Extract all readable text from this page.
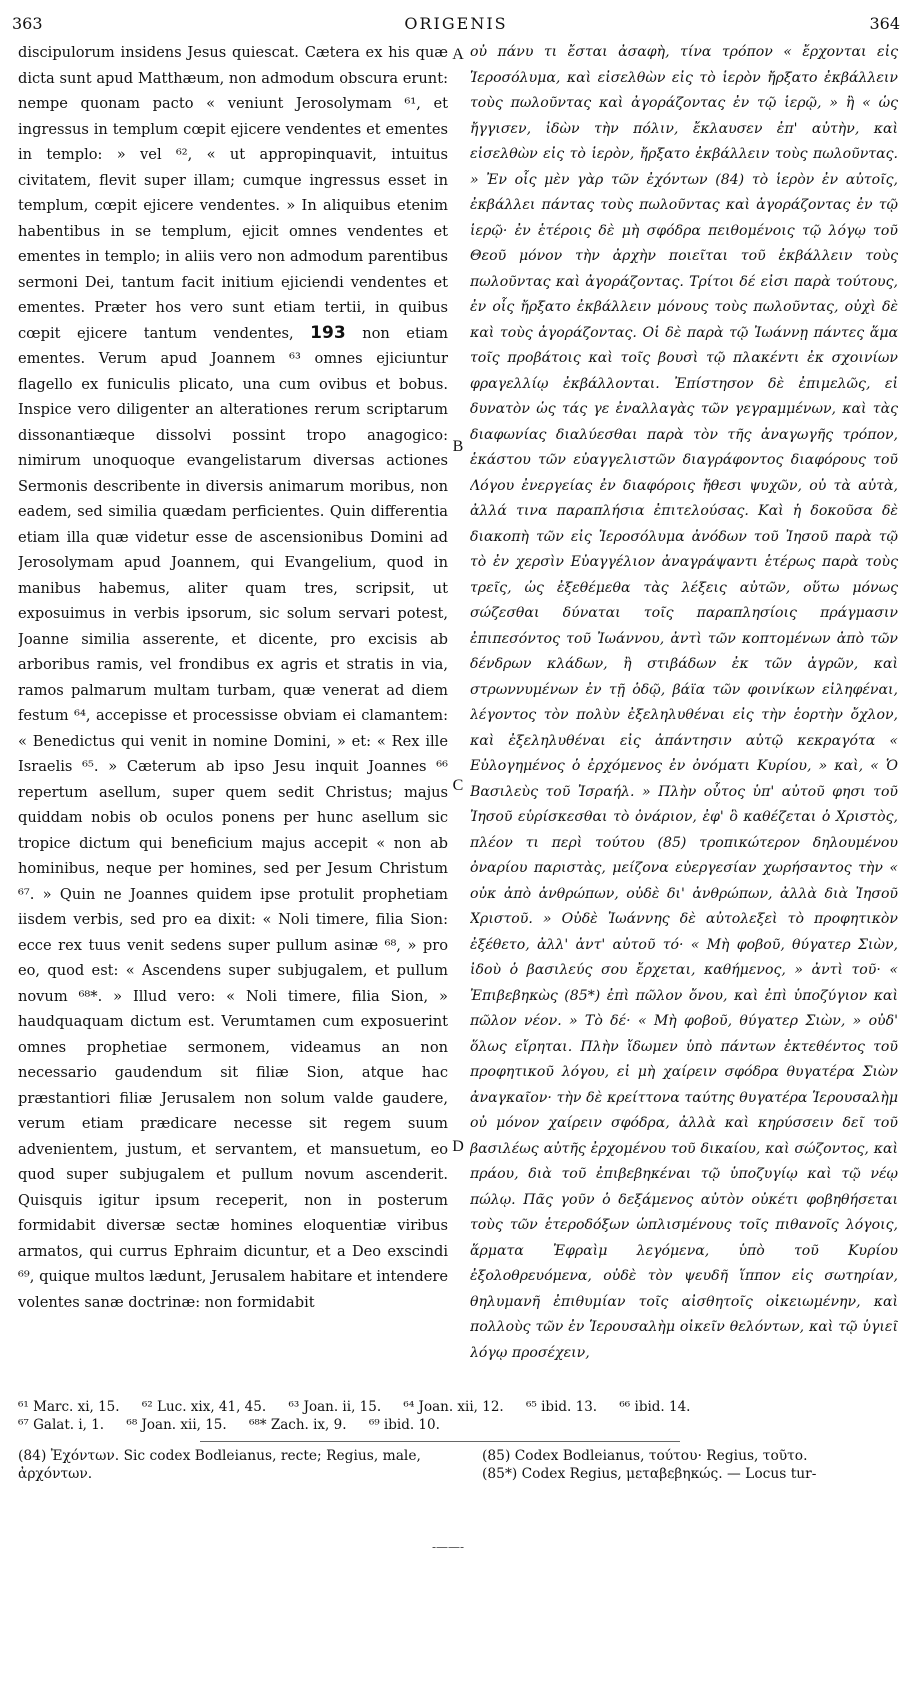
363	ORIGENIS	364

discipulorum insidens Jesus quiescat. Cætera ex his quæ dicta sunt apud Matthæum, non admodum obscura erunt: nempe quonam pacto « veniunt Jerosolymam ⁶¹, et ingressus in templum cœpit ejicere vendentes et ementes in templo: » vel ⁶², « ut appropinquavit, intuitus civitatem, flevit super illam; cumque ingressus esset in templum, cœpit ejicere vendentes. » In aliquibus etenim habentibus in se templum, ejicit omnes vendentes et ementes in templo; in aliis vero non admodum parentibus sermoni Dei, tantum facit initium ejiciendi vendentes et ementes. Præter hos vero sunt etiam tertii, in quibus cœpit ejicere tantum vendentes, 193 non etiam ementes. Verum apud Joannem ⁶³ omnes ejiciuntur flagello ex funiculis plicato, una cum ovibus et bobus. Inspice vero diligenter an alterationes rerum scriptarum dissonantiæque dissolvi possint tropo anagogico: nimirum unoquoque evangelistarum diversas actiones Sermonis describente in diversis animarum moribus, non eadem, sed similia quædam perficientes. Quin differentia etiam illa quæ videtur esse de ascensionibus Domini ad Jerosolymam apud Joannem, qui Evangelium, quod in manibus habemus, aliter quam tres, scripsit, ut exposuimus in verbis ipsorum, sic solum servari potest, Joanne similia asserente, et dicente, pro excisis ab arboribus ramis, vel frondibus ex agris et stratis in via, ramos palmarum multam turbam, quæ venerat ad diem festum ⁶⁴, accepisse et processisse obviam ei clamantem: « Benedictus qui venit in nomine Domini, » et: « Rex ille Israelis ⁶⁵. » Cæterum ab ipso Jesu inquit Joannes ⁶⁶ repertum asellum, super quem sedit Christus; majus quiddam nobis ob oculos ponens per hunc asellum sic tropice dictum qui beneficium majus accepit « non ab hominibus, neque per homines, sed per Jesum Christum ⁶⁷. » Quin ne Joannes quidem ipse protulit prophetiam iisdem verbis, sed pro ea dixit: « Noli timere, filia Sion: ecce rex tuus venit sedens super pullum asinæ ⁶⁸, » pro eo, quod est: « Ascendens super subjugalem, et pullum novum ⁶⁸*. » Illud vero: « Noli timere, filia Sion, » haudquaquam dictum est. Verumtamen cum exposuerint omnes prophetiae sermonem, videamus an non necessario gaudendum sit filiæ Sion, atque hac præstantiori filiæ Jerusalem non solum valde gaudere, verum etiam prædicare necesse sit regem suum advenientem, justum, et servantem, et mansuetum, eo quod super subjugalem et pullum novum ascenderit. Quisquis igitur ipsum receperit, non in posterum formidabit diversæ sectæ homines eloquentiæ viribus armatos, qui currus Ephraim dicuntur, et a Deo exscindi ⁶⁹, quique multos lædunt, Jerusalem habitare et intendere volentes sanæ doctrinæ: non formidabit

A
B
C
D

οὐ πάνυ τι ἔσται ἀσαφὴ, τίνα τρόπον « ἔρχονται εἰς Ἱεροσόλυμα, καὶ εἰσελθὼν εἰς τὸ ἱερὸν ἤρξατο ἐκβάλλειν τοὺς πωλοῦντας καὶ ἀγοράζοντας ἐν τῷ ἱερῷ, » ἢ « ὡς ἤγγισεν, ἰδὼν τὴν πόλιν, ἔκλαυσεν ἐπ' αὐτὴν, καὶ εἰσελθὼν εἰς τὸ ἱερὸν, ἤρξατο ἐκβάλλειν τοὺς πωλοῦντας. » Ἐν οἷς μὲν γὰρ τῶν ἐχόντων (84) τὸ ἱερὸν ἐν αὐτοῖς, ἐκβάλλει πάντας τοὺς πωλοῦντας καὶ ἀγοράζοντας ἐν τῷ ἱερῷ· ἐν ἑτέροις δὲ μὴ σφόδρα πειθομένοις τῷ λόγῳ τοῦ Θεοῦ μόνον τὴν ἀρχὴν ποιεῖται τοῦ ἐκβάλλειν τοὺς πωλοῦντας καὶ ἀγοράζοντας. Τρίτοι δέ εἰσι παρὰ τούτους, ἐν οἷς ἤρξατο ἐκβάλλειν μόνους τοὺς πωλοῦντας, οὐχὶ δὲ καὶ τοὺς ἀγοράζοντας. Οἱ δὲ παρὰ τῷ Ἰωάννῃ πάντες ἅμα τοῖς προβάτοις καὶ τοῖς βουσὶ τῷ πλακέντι ἐκ σχοινίων φραγελλίῳ ἐκβάλλονται. Ἐπίστησον δὲ ἐπιμελῶς, εἰ δυνατὸν ὡς τάς γε ἐναλλαγὰς τῶν γεγραμμένων, καὶ τὰς διαφωνίας διαλύεσθαι παρὰ τὸν τῆς ἀναγωγῆς τρόπον, ἑκάστου τῶν εὐαγγελιστῶν διαγράφοντος διαφόρους τοῦ Λόγου ἐνεργείας ἐν διαφόροις ἤθεσι ψυχῶν, οὐ τὰ αὐτὰ, ἀλλά τινα παραπλήσια ἐπιτελούσας. Καὶ ἡ δοκοῦσα δὲ διακοπὴ τῶν εἰς Ἱεροσόλυμα ἀνόδων τοῦ Ἰησοῦ παρὰ τῷ τὸ ἐν χερσὶν Εὐαγγέλιον ἀναγράψαντι ἑτέρως παρὰ τοὺς τρεῖς, ὡς ἐξεθέμεθα τὰς λέξεις αὐτῶν, οὕτω μόνως σώζεσθαι δύναται τοῖς παραπλησίοις πράγμασιν ἐπιπεσόντος τοῦ Ἰωάννου, ἀντὶ τῶν κοπτομένων ἀπὸ τῶν δένδρων κλάδων, ἢ στιβάδων ἐκ τῶν ἀγρῶν, καὶ στρωννυμένων ἐν τῇ ὁδῷ, βάϊα τῶν φοινίκων εἰληφέναι, λέγοντος τὸν πολὺν ἐξεληλυθέναι εἰς τὴν ἑορτὴν ὄχλον, καὶ ἐξεληλυθέναι εἰς ἀπάντησιν αὐτῷ κεκραγότα « Εὐλογημένος ὁ ἐρχόμενος ἐν ὀνόματι Κυρίου, » καὶ, « Ὁ Βασιλεὺς τοῦ Ἰσραήλ. » Πλὴν οὗτος ὑπ' αὐτοῦ φησι τοῦ Ἰησοῦ εὑρίσκεσθαι τὸ ὀνάριον, ἐφ' ὃ καθέζεται ὁ Χριστὸς, πλέον τι περὶ τούτου (85) τροπικώτερον δηλουμένου ὀναρίου παριστὰς, μείζονα εὐεργεσίαν χωρήσαντος τὴν « οὐκ ἀπὸ ἀνθρώπων, οὐδὲ δι' ἀνθρώπων, ἀλλὰ διὰ Ἰησοῦ Χριστοῦ. » Οὐδὲ Ἰωάννης δὲ αὐτολεξεὶ τὸ προφητικὸν ἐξέθετο, ἀλλ' ἀντ' αὐτοῦ τό· « Μὴ φοβοῦ, θύγατερ Σιὼν, ἰδοὺ ὁ βασιλεύς σου ἔρχεται, καθήμενος, » ἀντὶ τοῦ· « Ἐπιβεβηκὼς (85*) ἐπὶ πῶλον ὄνου, καὶ ἐπὶ ὑποζύγιον καὶ πῶλον νέον. » Τὸ δέ· « Μὴ φοβοῦ, θύγατερ Σιὼν, » οὐδ' ὅλως εἴρηται. Πλὴν ἴδωμεν ὑπὸ πάντων ἐκτεθέντος τοῦ προφητικοῦ λόγου, εἰ μὴ χαίρειν σφόδρα θυγατέρα Σιὼν ἀναγκαῖον· τὴν δὲ κρείττονα ταύτης θυγατέρα Ἱερουσαλὴμ οὐ μόνον χαίρειν σφόδρα, ἀλλὰ καὶ κηρύσσειν δεῖ τοῦ βασιλέως αὐτῆς ἐρχομένου τοῦ δικαίου, καὶ σώζοντος, καὶ πράου, διὰ τοῦ ἐπιβεβηκέναι τῷ ὑποζυγίῳ καὶ τῷ νέῳ πώλῳ. Πᾶς γοῦν ὁ δεξάμενος αὐτὸν οὐκέτι φοβηθήσεται τοὺς τῶν ἑτεροδόξων ὡπλισμένους τοῖς πιθανοῖς λόγοις, ἅρματα Ἐφραὶμ λεγόμενα, ὑπὸ τοῦ Κυρίου ἐξολοθρευόμενα, οὐδὲ τὸν ψευδῆ ἵππον εἰς σωτηρίαν, θηλυμανῆ ἐπιθυμίαν τοῖς αἰσθητοῖς οἰκειωμένην, καὶ πολλοὺς τῶν ἐν Ἱερουσαλὴμ οἰκεῖν θελόντων, καὶ τῷ ὑγιεῖ λόγῳ προσέχειν,

⁶¹ Marc. xi, 15. ⁶² Luc. xix, 41, 45. ⁶³ Joan. ii, 15. ⁶⁴ Joan. xii, 12. ⁶⁵ ibid. 13. ⁶⁶ ibid. 14.
⁶⁷ Galat. i, 1. ⁶⁸ Joan. xii, 15. ⁶⁸* Zach. ix, 9. ⁶⁹ ibid. 10.
(84) Ἐχόντων. Sic codex Bodleianus, recte; Regius, male, ἀρχόντων.
(85) Codex Bodleianus, τούτου· Regius, τοῦτο.
(85*) Codex Regius, μεταβεβηκώς. — Locus tur-
-——-
